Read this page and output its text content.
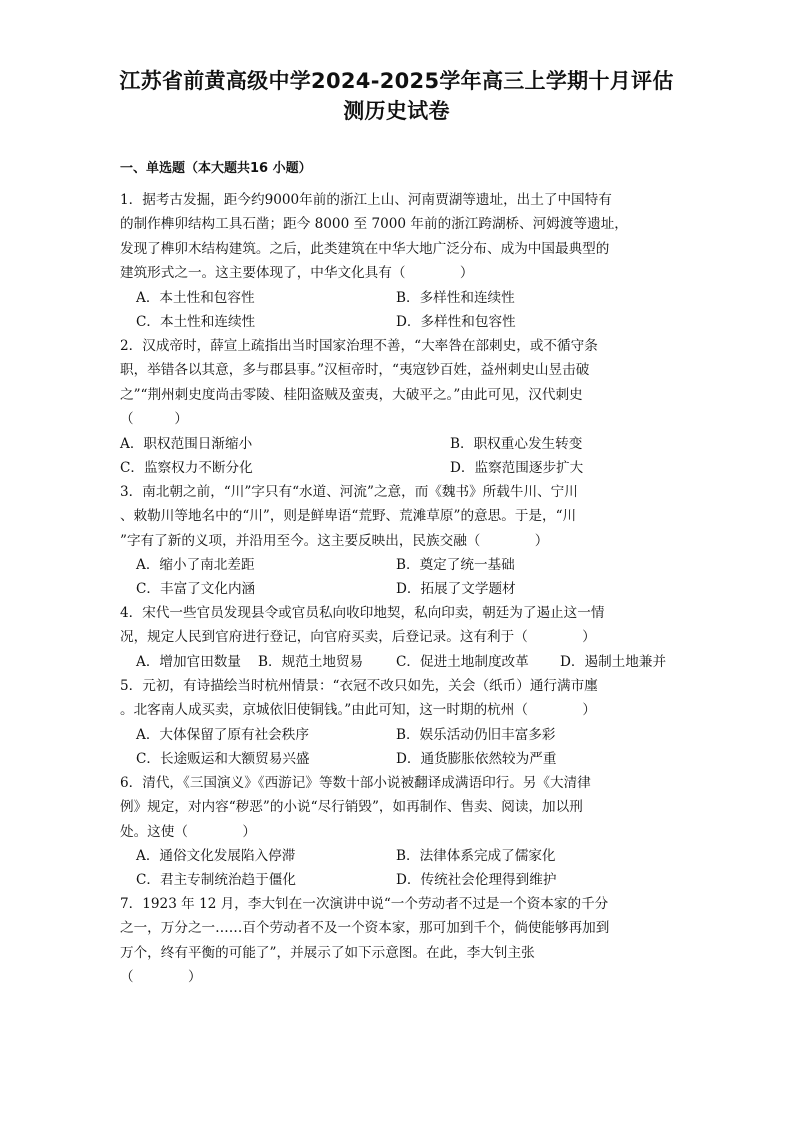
江苏省前黄高级中学2024-2025学年高三上学期十月评估
测历史试卷
一、单选题（本大题共16 小题）

1．据考古发掘，距今约9000年前的浙江上山、河南贾湖等遗址，出土了中国特有

的制作榫卯结构工具石凿；距今 8000 至 7000 年前的浙江跨湖桥、河姆渡等遗址，

发现了榫卯木结构建筑。之后，此类建筑在中华大地广泛分布、成为中国最典型的

建筑形式之一。这主要体现了，中华文化具有（　　　　）

A．本土性和包容性	B．多样性和连续性
C．本土性和连续性	D．多样性和包容性

2．汉成帝时，薛宣上疏指出当时国家治理不善，“大率咎在部刺史，或不循守条

职，举错各以其意，多与郡县事。”汉桓帝时，“夷寇钞百姓，益州刺史山昱击破

之”“荆州刺史度尚击零陵、桂阳盗贼及蛮夷，大破平之。”由此可见，汉代刺史

（　　　）

A．职权范围日渐缩小	B．职权重心发生转变
C．监察权力不断分化	D．监察范围逐步扩大

3．南北朝之前，“川”字只有“水道、河流”之意，而《魏书》所载牛川、宁川

、敕勒川等地名中的“川”，则是鲜卑语“荒野、荒滩草原”的意思。于是，“川

”字有了新的义项，并沿用至今。这主要反映出，民族交融（　　　　）

A．缩小了南北差距	B．奠定了统一基础
C．丰富了文化内涵	D．拓展了文学题材

4．宋代一些官员发现县令或官员私向收印地契，私向印卖，朝廷为了遏止这一情

况，规定人民到官府进行登记，向官府买卖，后登记录。这有利于（　　　　）

A．增加官田数量 B．规范土地贸易 C．促进土地制度改革 D．遏制土地兼并

5．元初，有诗描绘当时杭州情景：“衣冠不改只如先，关会（纸币）通行满市廛

。北客南人成买卖，京城依旧使铜钱。”由此可知，这一时期的杭州（　　　　）

A．大体保留了原有社会秩序	B．娱乐活动仍旧丰富多彩
C．长途贩运和大额贸易兴盛	D．通货膨胀依然较为严重

6．清代，《三国演义》《西游记》等数十部小说被翻译成满语印行。另《大清律

例》规定，对内容“秽恶”的小说“尽行销毁”，如再制作、售卖、阅读，加以刑

处。这使（　　　　）

A．通俗文化发展陷入停滞	B．法律体系完成了儒家化
C．君主专制统治趋于僵化	D．传统社会伦理得到维护

7．1923 年 12 月，李大钊在一次演讲中说“一个劳动者不过是一个资本家的千分

之一，万分之一……百个劳动者不及一个资本家，那可加到千个，倘使能够再加到

万个，终有平衡的可能了”，并展示了如下示意图。在此，李大钊主张

（　　　　）
